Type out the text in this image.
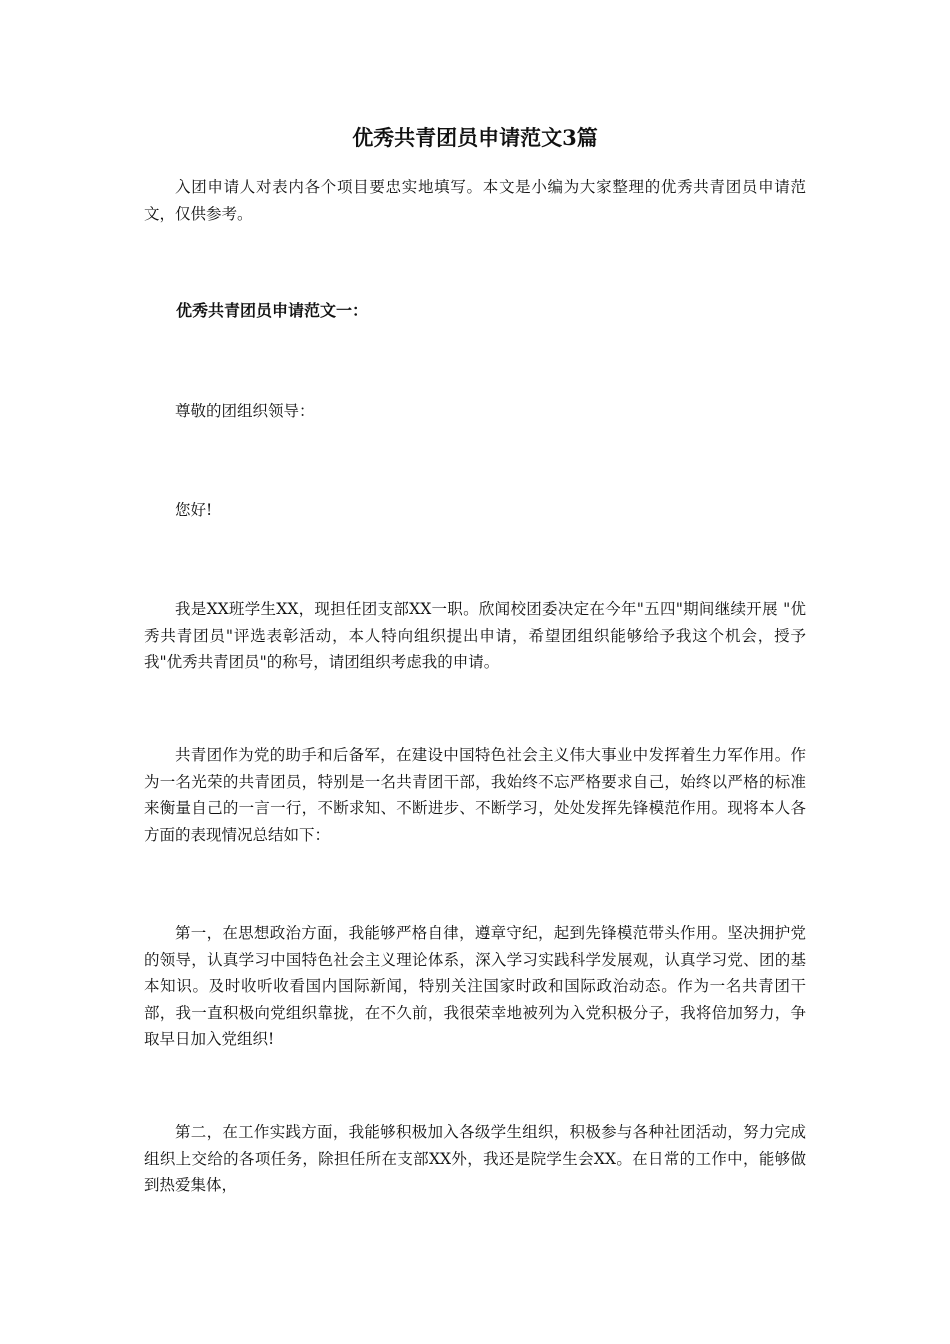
优秀共青团员申请范文3篇

入团申请人对表内各个项目要忠实地填写。本文是小编为大家整理的优秀共青团员申请范文，仅供参考。

优秀共青团员申请范文一：

尊敬的团组织领导：

您好!

我是XX班学生XX，现担任团支部XX一职。欣闻校团委决定在今年"五四"期间继续开展 "优秀共青团员"评选表彰活动，本人特向组织提出申请，希望团组织能够给予我这个机会，授予我"优秀共青团员"的称号，请团组织考虑我的申请。

共青团作为党的助手和后备军，在建设中国特色社会主义伟大事业中发挥着生力军作用。作为一名光荣的共青团员，特别是一名共青团干部，我始终不忘严格要求自己，始终以严格的标准来衡量自己的一言一行，不断求知、不断进步、不断学习，处处发挥先锋模范作用。现将本人各方面的表现情况总结如下：

第一，在思想政治方面，我能够严格自律，遵章守纪，起到先锋模范带头作用。坚决拥护党的领导，认真学习中国特色社会主义理论体系，深入学习实践科学发展观，认真学习党、团的基本知识。及时收听收看国内国际新闻，特别关注国家时政和国际政治动态。作为一名共青团干部，我一直积极向党组织靠拢，在不久前，我很荣幸地被列为入党积极分子，我将倍加努力，争取早日加入党组织!

第二，在工作实践方面，我能够积极加入各级学生组织，积极参与各种社团活动，努力完成组织上交给的各项任务，除担任所在支部XX外，我还是院学生会XX。在日常的工作中，能够做到热爱集体，
